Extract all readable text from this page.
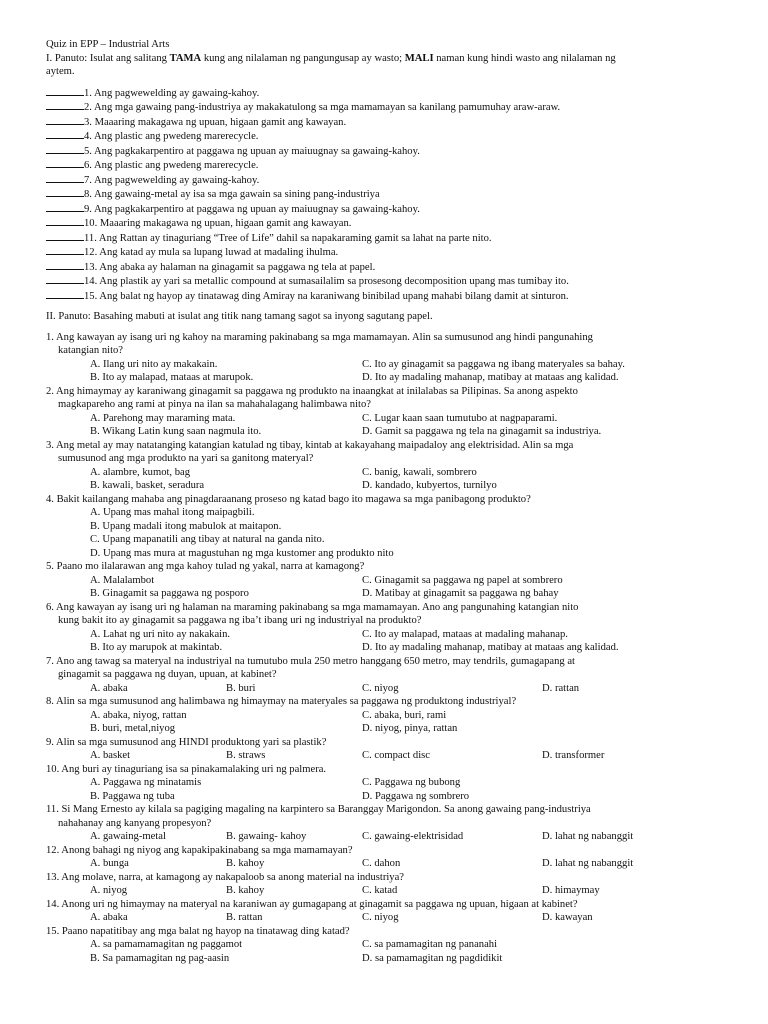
Quiz in EPP – Industrial Arts
I. Panuto: Isulat ang salitang TAMA kung ang nilalaman ng pangungusap ay wasto; MALI naman kung hindi wasto ang nilalaman ng
aytem.
1. Ang pagwewelding ay gawaing-kahoy.
2. Ang mga gawaing pang-industriya ay makakatulong sa mga mamamayan sa kanilang pamumuhay araw-araw.
3. Maaaring makagawa ng upuan, higaan gamit ang kawayan.
4. Ang plastic ang pwedeng marerecycle.
5. Ang pagkakarpentiro at paggawa ng upuan ay maiuugnay sa gawaing-kahoy.
6. Ang plastic ang pwedeng marerecycle.
7. Ang pagwewelding ay gawaing-kahoy.
8. Ang gawaing-metal ay isa sa mga gawain sa sining pang-industriya
9. Ang pagkakarpentiro at paggawa ng upuan ay maiuugnay sa gawaing-kahoy.
10. Maaaring makagawa ng upuan, higaan gamit ang kawayan.
11. Ang Rattan ay tinaguriang “Tree of Life” dahil sa napakaraming gamit sa lahat na parte nito.
12. Ang katad ay mula sa lupang luwad at madaling ihulma.
13. Ang abaka ay halaman na ginagamit sa paggawa ng tela at papel.
14. Ang plastik ay yari sa metallic compound at sumasailalim sa prosesong decomposition upang mas tumibay ito.
15. Ang balat ng hayop ay tinatawag ding Amiray na karaniwang binibilad upang mahabi bilang damit at sinturon.
II. Panuto: Basahing mabuti at isulat ang titik nang tamang sagot sa inyong sagutang papel.
1. Ang kawayan ay isang uri ng kahoy na maraming pakinabang sa mga mamamayan. Alin sa sumusunod ang hindi pangunahing
katangian nito?
A. Ilang uri nito ay makakain.	C. Ito ay ginagamit sa paggawa ng ibang materyales sa bahay.
B. Ito ay malapad, mataas at marupok.	D. Ito ay madaling mahanap, matibay at mataas ang kalidad.
2. Ang himaymay ay karaniwang ginagamit sa paggawa ng produkto na inaangkat at inilalabas sa Pilipinas. Sa anong aspekto
magkapareho ang rami at pinya na ilan sa mahahalagang halimbawa nito?
A. Parehong may maraming mata.	C. Lugar kaan saan tumutubo at nagpaparami.
B. Wikang Latin kung saan nagmula ito.	D. Gamit sa paggawa ng tela na ginagamit sa industriya.
3. Ang metal ay may natatanging katangian katulad ng tibay, kintab at kakayahang maipadaloy ang elektrisidad. Alin sa mga
sumusunod ang mga produkto na yari sa ganitong materyal?
A. alambre, kumot, bag	C. banig, kawali, sombrero
B. kawali, basket, seradura	D. kandado, kubyertos, turnilyo
4. Bakit kailangang mahaba ang pinagdaraanang proseso ng katad bago ito magawa sa mga panibagong produkto?
A. Upang mas mahal itong maipagbili.
B. Upang madali itong mabulok at maitapon.
C. Upang mapanatili ang tibay at natural na ganda nito.
D. Upang mas mura at magustuhan ng mga kustomer ang produkto nito
5. Paano mo ilalarawan ang mga kahoy tulad ng yakal, narra at kamagong?
A. Malalambot	C. Ginagamit sa paggawa ng papel at sombrero
B. Ginagamit sa paggawa ng posporo	D. Matibay at ginagamit sa paggawa ng bahay
6. Ang kawayan ay isang uri ng halaman na maraming pakinabang sa mga mamamayan. Ano ang pangunahing katangian nito
kung bakit ito ay ginagamit sa paggawa ng iba’t ibang uri ng industriyal na produkto?
A. Lahat ng uri nito ay nakakain.	C. Ito ay malapad, mataas at madaling mahanap.
B. Ito ay marupok at makintab.	D. Ito ay madaling mahanap, matibay at mataas ang kalidad.
7. Ano ang tawag sa materyal na industriyal na tumutubo mula 250 metro hanggang 650 metro, may tendrils, gumagapang at
ginagamit sa paggawa ng duyan, upuan, at kabinet?
A. abaka	B. buri	C. niyog	D. rattan
8. Alin sa mga sumusunod ang halimbawa ng himaymay na materyales sa paggawa ng produktong industriyal?
A. abaka, niyog, rattan	C. abaka, buri, rami
B. buri, metal,niyog	D. niyog, pinya, rattan
9. Alin sa mga sumusunod ang HINDI produktong yari sa plastik?
A. basket	B. straws	C. compact disc	D. transformer
10. Ang buri ay tinaguriang isa sa pinakamalaking uri ng palmera.
A. Paggawa ng minatamis	C. Paggawa ng bubong
B. Paggawa ng tuba	D. Paggawa ng sombrero
11. Si Mang Ernesto ay kilala sa pagiging magaling na karpintero sa Baranggay Marigondon. Sa anong gawaing pang-industriya
nahahanay ang kanyang propesyon?
A. gawaing-metal	B. gawaing- kahoy	C. gawaing-elektrisidad	D. lahat ng nabanggit
12. Anong bahagi ng niyog ang kapakipakinabang sa mga mamamayan?
A. bunga	B. kahoy	C. dahon	D. lahat ng nabanggit
13. Ang molave, narra, at kamagong ay nakapaloob sa anong material na industriya?
A. niyog	B. kahoy	C. katad	D. himaymay
14. Anong uri ng himaymay na materyal na karaniwan ay gumagapang at ginagamit sa paggawa ng upuan, higaan at kabinet?
A. abaka	B. rattan	C. niyog	D. kawayan
15. Paano napatitibay ang mga balat ng hayop na tinatawag ding katad?
A. sa pamamamagitan ng paggamot	C. sa pamamagitan ng pananahi
B. Sa pamamagitan ng pag-aasin	D. sa pamamagitan ng pagdidikit
